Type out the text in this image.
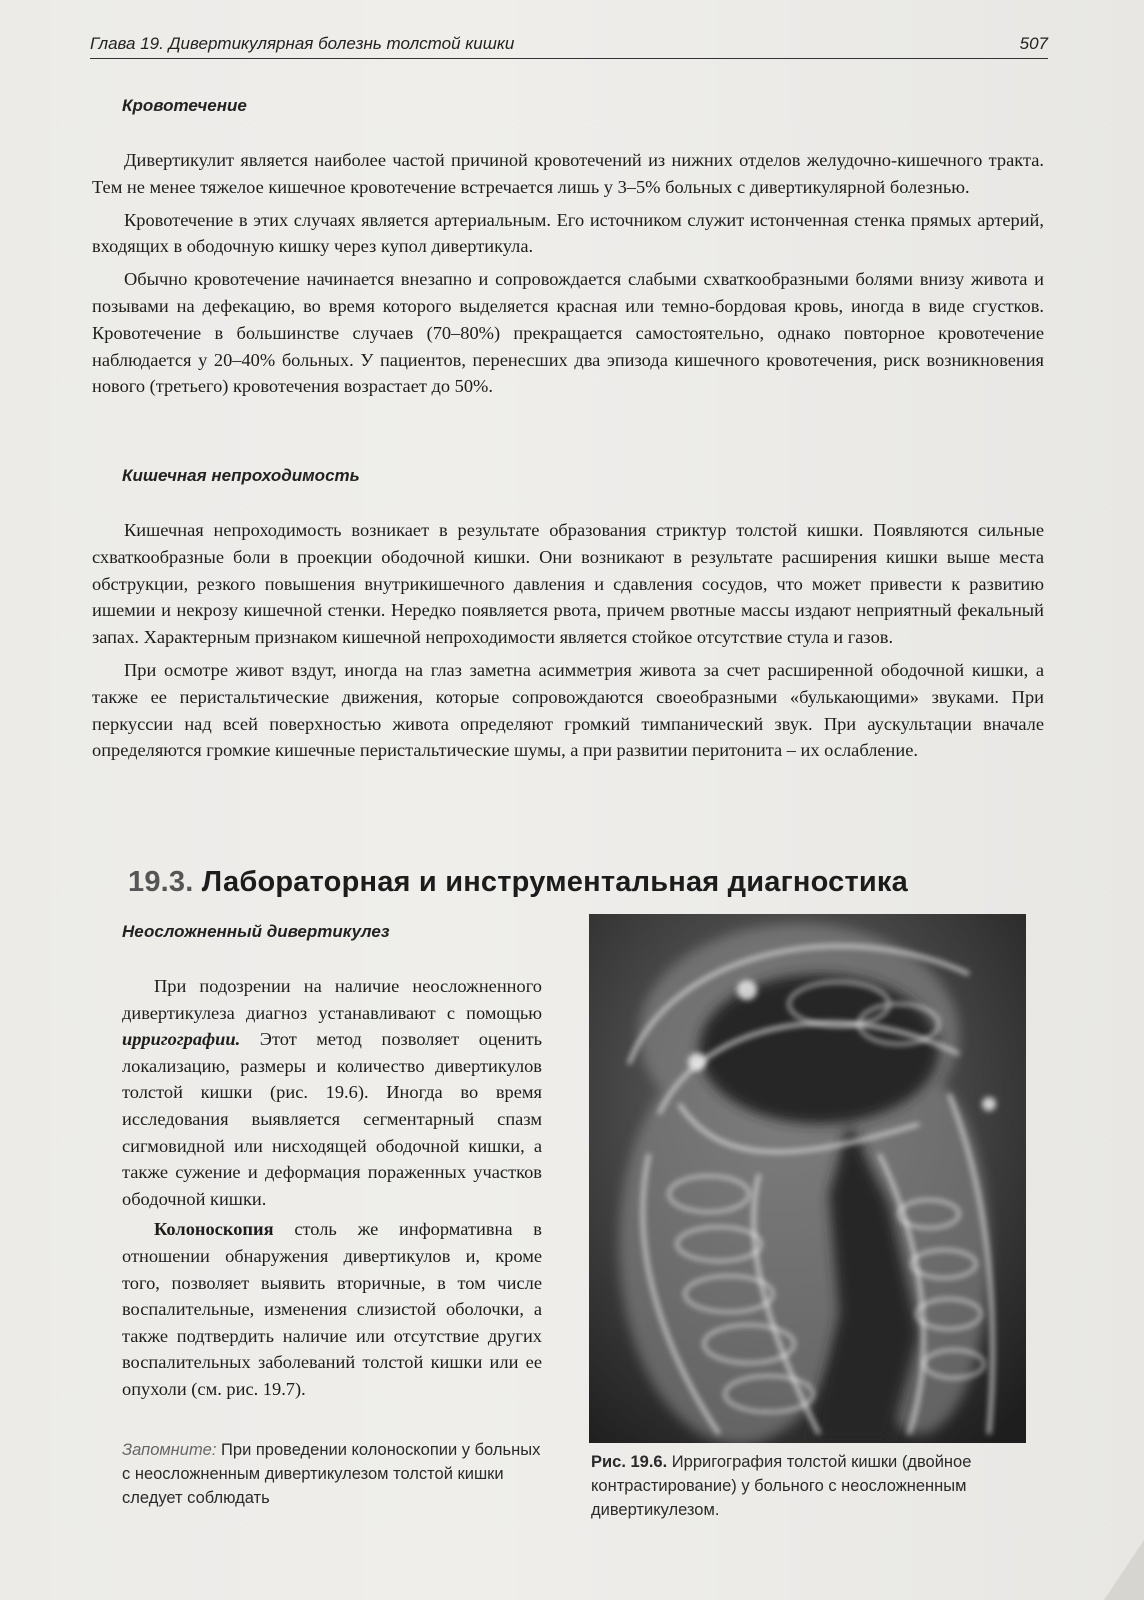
Глава 19. Дивертикулярная болезнь толстой кишки	507
Кровотечение

Дивертикулит является наиболее частой причиной кровотечений из нижних отделов желудочно-кишечного тракта. Тем не менее тяжелое кишечное кровотечение встречается лишь у 3–5% больных с дивертикулярной болезнью.

Кровотечение в этих случаях является артериальным. Его источником служит истонченная стенка прямых артерий, входящих в ободочную кишку через купол дивертикула.

Обычно кровотечение начинается внезапно и сопровождается слабыми схваткообразными болями внизу живота и позывами на дефекацию, во время которого выделяется красная или темно-бордовая кровь, иногда в виде сгустков. Кровотечение в большинстве случаев (70–80%) прекращается самостоятельно, однако повторное кровотечение наблюдается у 20–40% больных. У пациентов, перенесших два эпизода кишечного кровотечения, риск возникновения нового (третьего) кровотечения возрастает до 50%.

Кишечная непроходимость

Кишечная непроходимость возникает в результате образования стриктур толстой кишки. Появляются сильные схваткообразные боли в проекции ободочной кишки. Они возникают в результате расширения кишки выше места обструкции, резкого повышения внутрикишечного давления и сдавления сосудов, что может привести к развитию ишемии и некрозу кишечной стенки. Нередко появляется рвота, причем рвотные массы издают неприятный фекальный запах. Характерным признаком кишечной непроходимости является стойкое отсутствие стула и газов.

При осмотре живот вздут, иногда на глаз заметна асимметрия живота за счет расширенной ободочной кишки, а также ее перистальтические движения, которые сопровождаются своеобразными «булькающими» звуками. При перкуссии над всей поверхностью живота определяют громкий тимпанический звук. При аускультации вначале определяются громкие кишечные перистальтические шумы, а при развитии перитонита – их ослабление.

19.3. Лабораторная и инструментальная диагностика
Неосложненный дивертикулез

При подозрении на наличие неосложненного дивертикулеза диагноз устанавливают с помощью ирригографии. Этот метод позволяет оценить локализацию, размеры и количество дивертикулов толстой кишки (рис. 19.6). Иногда во время исследования выявляется сегментарный спазм сигмовидной или нисходящей ободочной кишки, а также сужение и деформация пораженных участков ободочной кишки.

Колоноскопия столь же информативна в отношении обнаружения дивертикулов и, кроме того, позволяет выявить вторичные, в том числе воспалительные, изменения слизистой оболочки, а также подтвердить наличие или отсутствие других воспалительных заболеваний толстой кишки или ее опухоли (см. рис. 19.7).

Запомните: При проведении колоноскопии у больных с неосложненным дивертикулезом толстой кишки следует соблюдать
Рис. 19.6. Ирригография толстой кишки (двойное контрастирование) у больного с неосложненным дивертикулезом.
